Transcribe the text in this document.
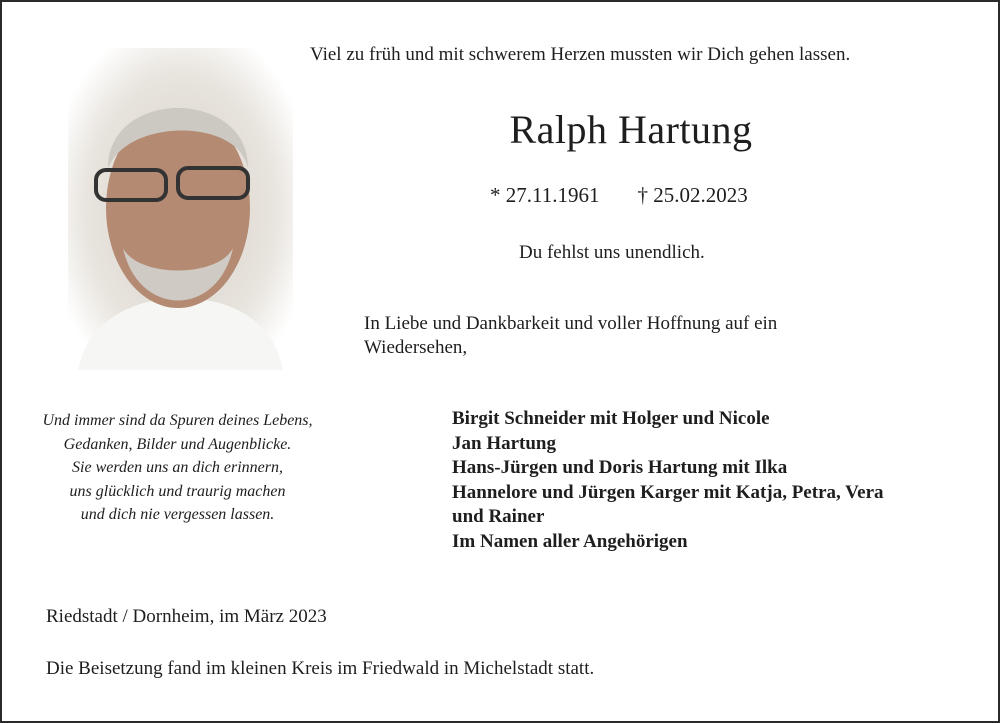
Viel zu früh und mit schwerem Herzen mussten wir Dich gehen lassen.
Ralph Hartung
* 27.11.1961 † 25.02.2023
Du fehlst uns unendlich.
In Liebe und Dankbarkeit und voller Hoffnung auf ein Wiedersehen,
Und immer sind da Spuren deines Lebens,
Gedanken, Bilder und Augenblicke.
Sie werden uns an dich erinnern,
uns glücklich und traurig machen
und dich nie vergessen lassen.
Birgit Schneider mit Holger und Nicole
Jan Hartung
Hans-Jürgen und Doris Hartung mit Ilka
Hannelore und Jürgen Karger mit Katja, Petra, Vera
und Rainer
Im Namen aller Angehörigen
Riedstadt / Dornheim, im März 2023
Die Beisetzung fand im kleinen Kreis im Friedwald in Michelstadt statt.
